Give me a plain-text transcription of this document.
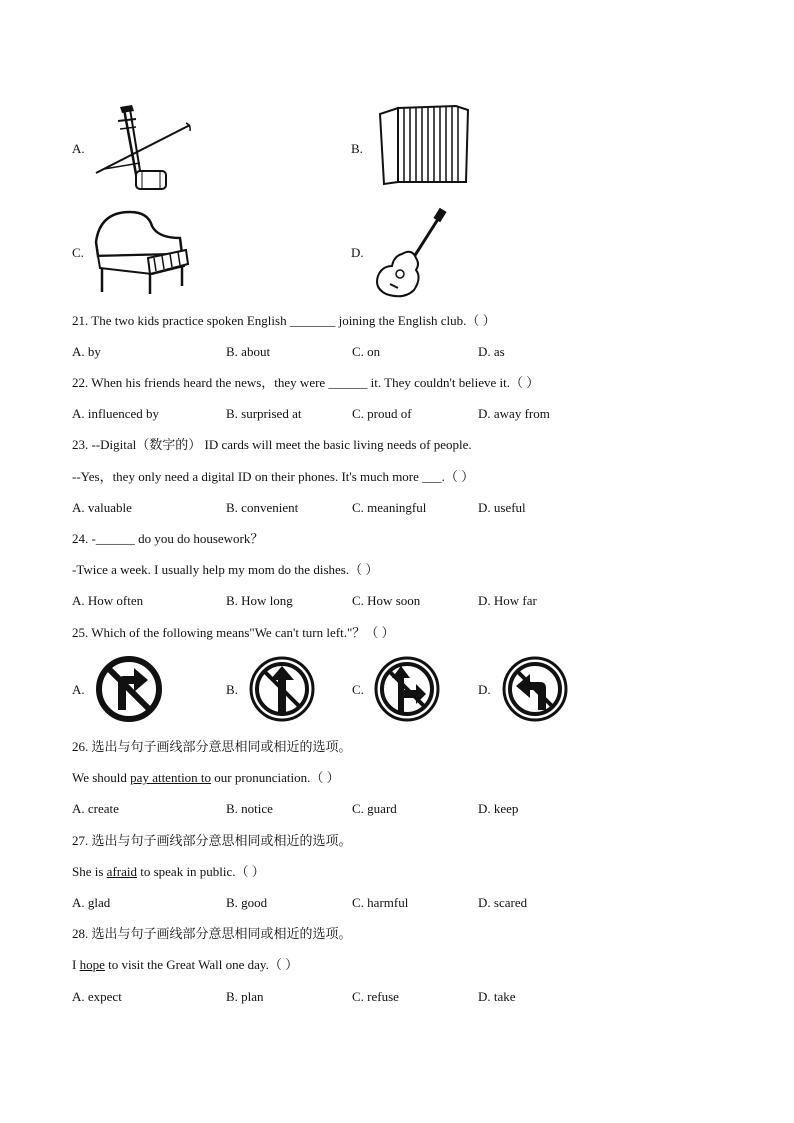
A.	B.
C.	D.
21. The two kids practice spoken English _______ joining the English club.（ ）
A. by	B. about	C. on	D. as
22. When his friends heard the news，they were ______ it. They couldn't believe it.（ ）
A. influenced by	B. surprised at	C. proud of	D. away from
23. --Digital（数字的） ID cards will meet the basic living needs of people.
--Yes，they only need a digital ID on their phones. It's much more ___.（ ）
A. valuable	B. convenient	C. meaningful	D. useful
24. -______ do you do housework？
-Twice a week. I usually help my mom do the dishes.（ ）
A. How often	B. How long	C. How soon	D. How far
25. Which of the following means"We can't turn left."？（ ）
A.	B.	C.	D.
26. 选出与句子画线部分意思相同或相近的选项。
We should pay attention to our pronunciation.（ ）
A. create	B. notice	C. guard	D. keep
27. 选出与句子画线部分意思相同或相近的选项。
She is afraid to speak in public.（ ）
A. glad	B. good	C. harmful	D. scared
28. 选出与句子画线部分意思相同或相近的选项。
I hope to visit the Great Wall one day.（ ）
A. expect	B. plan	C. refuse	D. take
